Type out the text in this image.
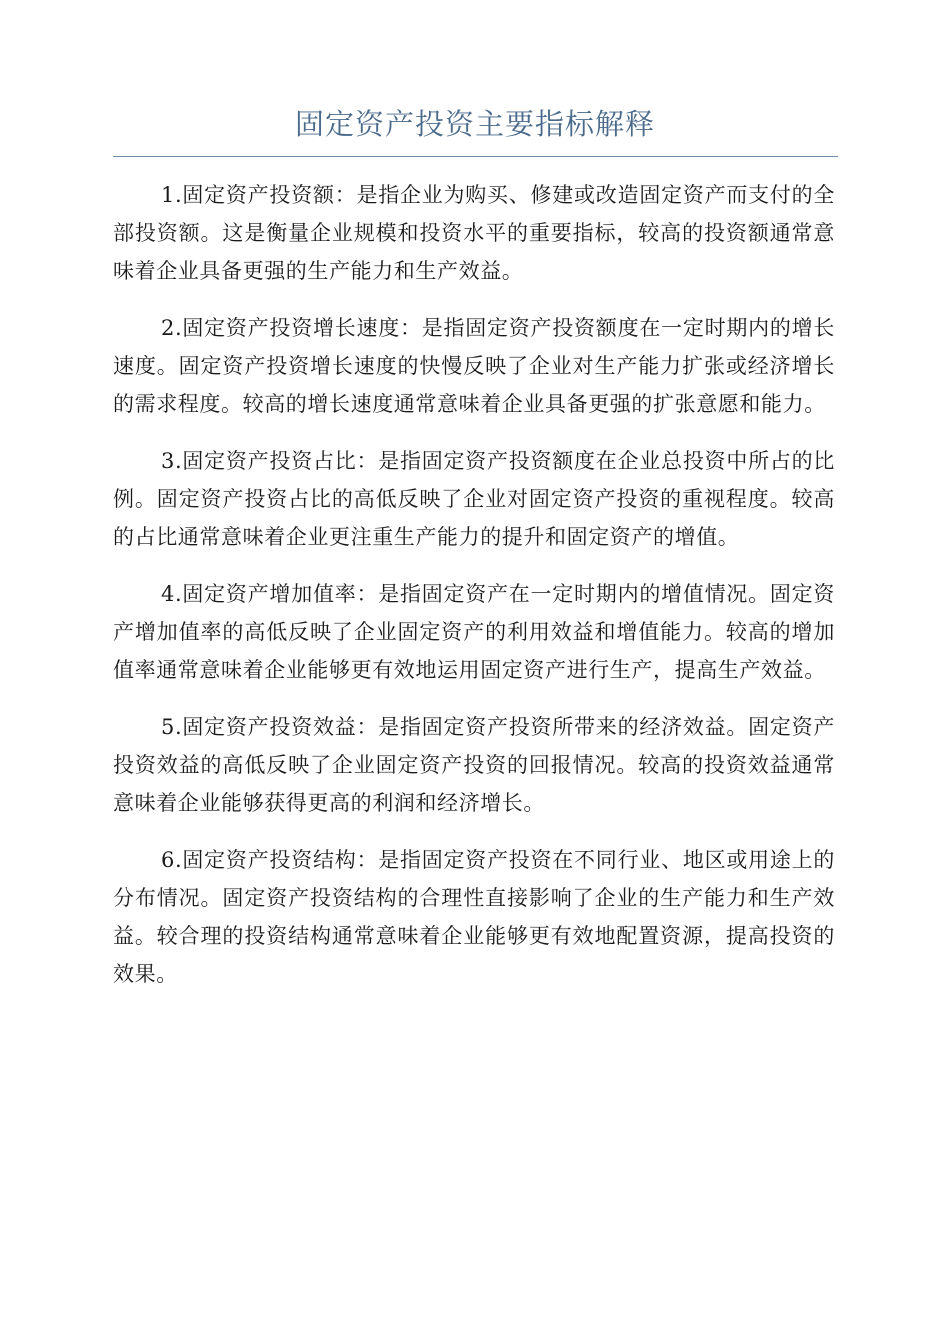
固定资产投资主要指标解释

1.固定资产投资额：是指企业为购买、修建或改造固定资产而支付的全部投资额。这是衡量企业规模和投资水平的重要指标，较高的投资额通常意味着企业具备更强的生产能力和生产效益。

2.固定资产投资增长速度：是指固定资产投资额度在一定时期内的增长速度。固定资产投资增长速度的快慢反映了企业对生产能力扩张或经济增长的需求程度。较高的增长速度通常意味着企业具备更强的扩张意愿和能力。

3.固定资产投资占比：是指固定资产投资额度在企业总投资中所占的比例。固定资产投资占比的高低反映了企业对固定资产投资的重视程度。较高的占比通常意味着企业更注重生产能力的提升和固定资产的增值。

4.固定资产增加值率：是指固定资产在一定时期内的增值情况。固定资产增加值率的高低反映了企业固定资产的利用效益和增值能力。较高的增加值率通常意味着企业能够更有效地运用固定资产进行生产，提高生产效益。

5.固定资产投资效益：是指固定资产投资所带来的经济效益。固定资产投资效益的高低反映了企业固定资产投资的回报情况。较高的投资效益通常意味着企业能够获得更高的利润和经济增长。

6.固定资产投资结构：是指固定资产投资在不同行业、地区或用途上的分布情况。固定资产投资结构的合理性直接影响了企业的生产能力和生产效益。较合理的投资结构通常意味着企业能够更有效地配置资源，提高投资的效果。
